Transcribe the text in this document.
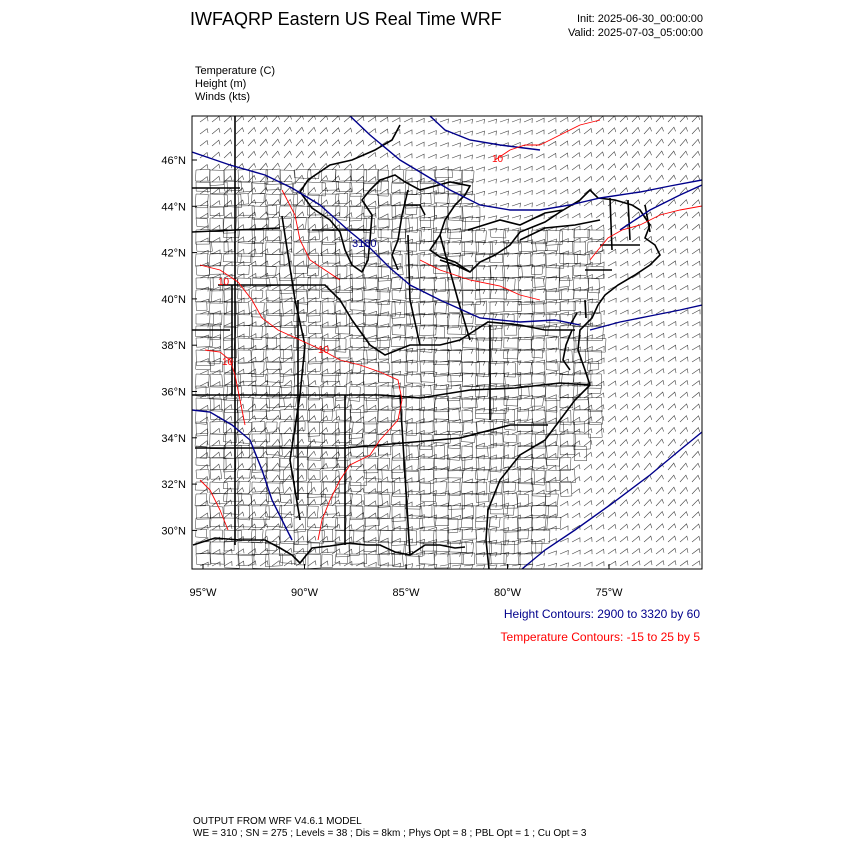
IWFAQRP Eastern US Real Time WRF	Init: 2025-06-30_00:00:00
Valid: 2025-07-03_05:00:00
Temperature (C)
Height (m)
Winds (kts)
3180
10
10
10
10
46°N
44°N
42°N
40°N
38°N
36°N
34°N
32°N
30°N
95°W	90°W	85°W	80°W	75°W
Height Contours: 2900 to 3320 by 60
Temperature Contours: -15 to 25 by 5
OUTPUT FROM WRF V4.6.1 MODEL
WE = 310 ; SN = 275 ; Levels = 38 ; Dis = 8km ; Phys Opt = 8 ; PBL Opt = 1 ; Cu Opt = 3
